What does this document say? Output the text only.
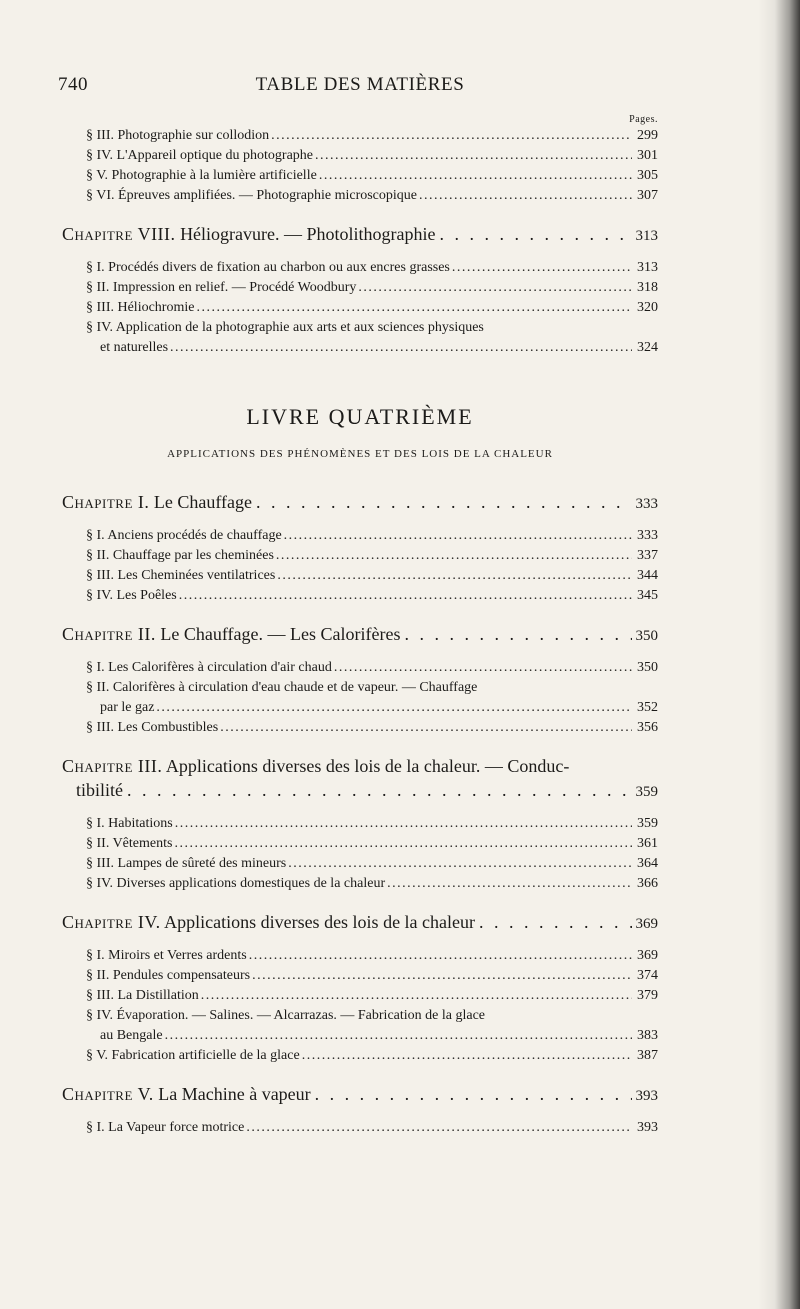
740	TABLE DES MATIÈRES
Pages.
§ III. Photographie sur collodion . . .	299
§ IV. L'Appareil optique du photographe . . .	301
§ V. Photographie à la lumière artificielle . . .	305
§ VI. Épreuves amplifiées. — Photographie microscopique . . .	307
Chapitre VIII. Héliogravure. — Photolithographie . . .	313
§ I. Procédés divers de fixation au charbon ou aux encres grasses . . .	313
§ II. Impression en relief. — Procédé Woodbury . . .	318
§ III. Héliochromie . . .	320
§ IV. Application de la photographie aux arts et aux sciences physiques
et naturelles . . .	324
LIVRE QUATRIÈME
APPLICATIONS DES PHÉNOMÈNES ET DES LOIS DE LA CHALEUR
Chapitre I. Le Chauffage . . .	333
§ I. Anciens procédés de chauffage . . .	333
§ II. Chauffage par les cheminées . . .	337
§ III. Les Cheminées ventilatrices . . .	344
§ IV. Les Poêles . . .	345
Chapitre II. Le Chauffage. — Les Calorifères . . .	350
§ I. Les Calorifères à circulation d'air chaud . . .	350
§ II. Calorifères à circulation d'eau chaude et de vapeur. — Chauffage
par le gaz . . .	352
§ III. Les Combustibles . . .	356
Chapitre III. Applications diverses des lois de la chaleur. — Conduc-
tibilité . . .	359
§ I. Habitations . . .	359
§ II. Vêtements . . .	361
§ III. Lampes de sûreté des mineurs . . .	364
§ IV. Diverses applications domestiques de la chaleur . . .	366
Chapitre IV. Applications diverses des lois de la chaleur . . .	369
§ I. Miroirs et Verres ardents . . .	369
§ II. Pendules compensateurs . . .	374
§ III. La Distillation . . .	379
§ IV. Évaporation. — Salines. — Alcarrazas. — Fabrication de la glace
au Bengale . . .	383
§ V. Fabrication artificielle de la glace . . .	387
Chapitre V. La Machine à vapeur . . .	393
§ I. La Vapeur force motrice . . .	393
